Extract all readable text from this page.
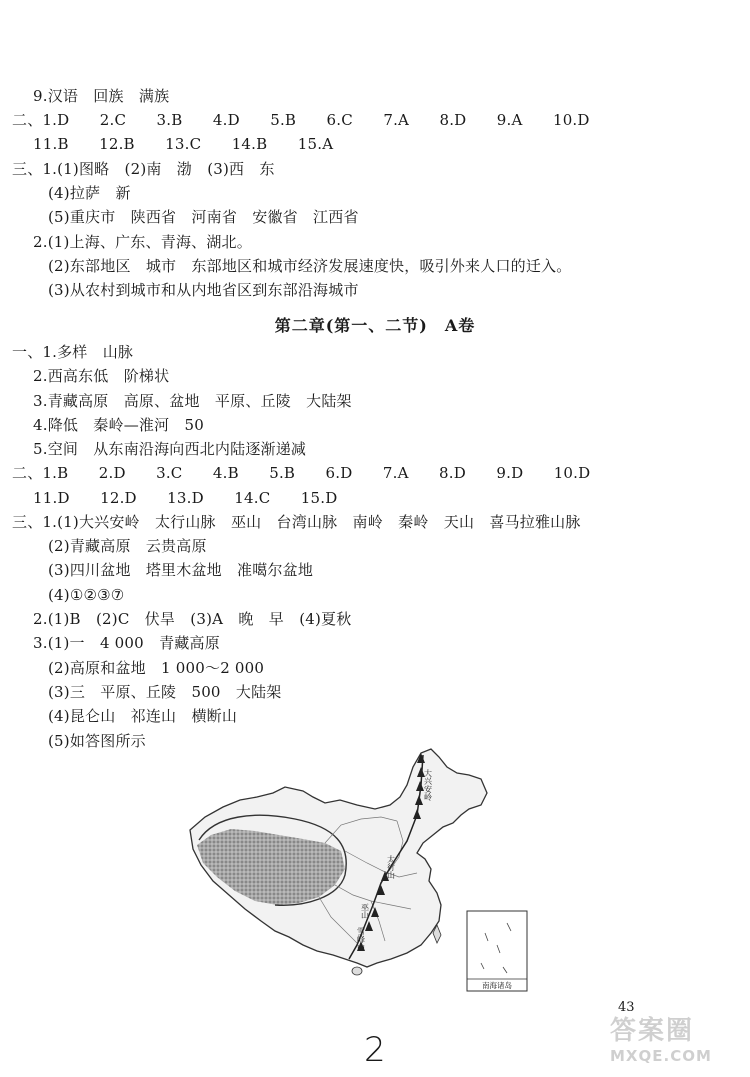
9.汉语　回族　满族
二、1.D　　2.C　　3.B　　4.D　　5.B　　6.C　　7.A　　8.D　　9.A　　10.D
11.B　　12.B　　13.C　　14.B　　15.A
三、1.(1)图略　(2)南　渤　(3)西　东
(4)拉萨　新
(5)重庆市　陕西省　河南省　安徽省　江西省
2.(1)上海、广东、青海、湖北。
(2)东部地区　城市　东部地区和城市经济发展速度快，吸引外来人口的迁入。
(3)从农村到城市和从内地省区到东部沿海城市
第二章(第一、二节)　A卷
一、1.多样　山脉
2.西高东低　阶梯状
3.青藏高原　高原、盆地　平原、丘陵　大陆架
4.降低　秦岭—淮河　50
5.空间　从东南沿海向西北内陆逐渐递减
二、1.B　　2.D　　3.C　　4.B　　5.B　　6.D　　7.A　　8.D　　9.D　　10.D
11.D　　12.D　　13.D　　14.C　　15.D
三、1.(1)大兴安岭　太行山脉　巫山　台湾山脉　南岭　秦岭　天山　喜马拉雅山脉
(2)青藏高原　云贵高原
(3)四川盆地　塔里木盆地　准噶尔盆地
(4)①②③⑦
2.(1)B　(2)C　伏旱　(3)A　晚　早　(4)夏秋
3.(1)一　4 000　青藏高原
(2)高原和盆地　1 000～2 000
(3)三　平原、丘陵　500　大陆架
(4)昆仑山　祁连山　横断山
(5)如答图所示
大兴安岭
太行山
巫山
雪峰山
南海诸岛
43
2	答案圈
MXQE.COM
